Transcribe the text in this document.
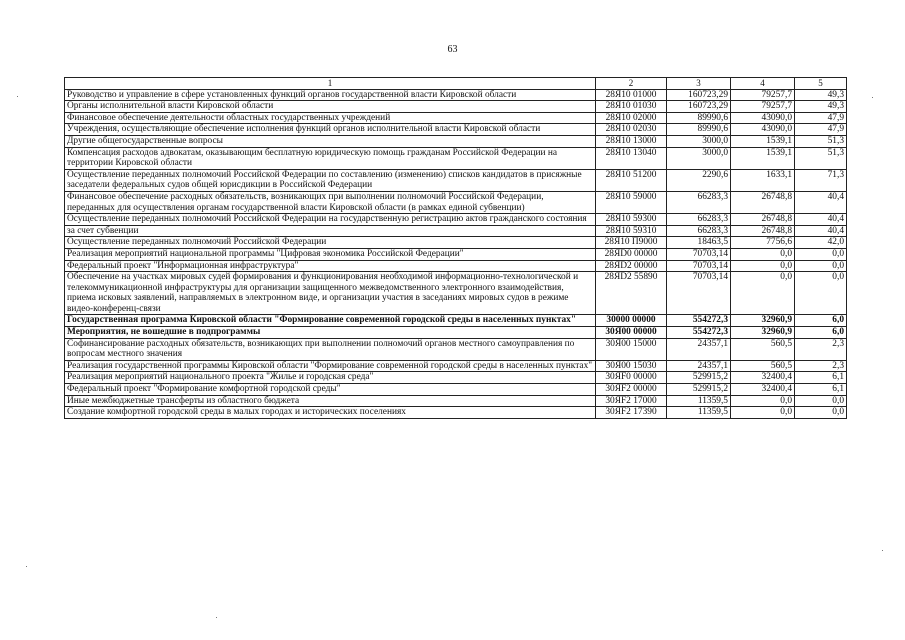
63
1	2	3	4	5
Руководство и управление в сфере установленных функций органов государственной власти Кировской области	28Я10 01000	160723,29	79257,7	49,3
Органы исполнительной власти Кировской области	28Я10 01030	160723,29	79257,7	49,3
Финансовое обеспечение деятельности областных государственных учреждений	28Я10 02000	89990,6	43090,0	47,9
Учреждения, осуществляющие обеспечение исполнения функций органов исполнительной власти Кировской области	28Я10 02030	89990,6	43090,0	47,9
Другие общегосударственные вопросы	28Я10 13000	3000,0	1539,1	51,3
Компенсация расходов адвокатам, оказывающим бесплатную юридическую помощь гражданам Российской Федерации на территории Кировской области	28Я10 13040	3000,0	1539,1	51,3
Осуществление переданных полномочий Российской Федерации по составлению (изменению) списков кандидатов в присяжные заседатели федеральных судов общей юрисдикции в Российской Федерации	28Я10 51200	2290,6	1633,1	71,3
Финансовое обеспечение расходных обязательств, возникающих при выполнении полномочий Российской Федерации, переданных для осуществления органам государственной власти Кировской области (в рамках единой субвенции)	28Я10 59000	66283,3	26748,8	40,4
Осуществление переданных полномочий Российской Федерации на государственную регистрацию актов гражданского состояния	28Я10 59300	66283,3	26748,8	40,4
за счет субвенции	28Я10 59310	66283,3	26748,8	40,4
Осуществление переданных полномочий Российской Федерации	28Я10 П9000	18463,5	7756,6	42,0
Реализация мероприятий национальной программы "Цифровая экономика Российской Федерации"	28ЯD0 00000	70703,14	0,0	0,0
Федеральный проект "Информационная инфраструктура"	28ЯD2 00000	70703,14	0,0	0,0
Обеспечение на участках мировых судей формирования и функционирования необходимой информационно-технологической и телекоммуникационной инфраструктуры для организации защищенного межведомственного электронного взаимодействия, приема исковых заявлений, направляемых в электронном виде, и организации участия в заседаниях мировых судов в режиме видео-конференц-связи	28ЯD2 55890	70703,14	0,0	0,0
Государственная программа Кировской области "Формирование современной городской среды в населенных пунктах"	30000 00000	554272,3	32960,9	6,0
Мероприятия, не вошедшие в подпрограммы	30Я00 00000	554272,3	32960,9	6,0
Софинансирование расходных обязательств, возникающих при выполнении полномочий органов местного самоуправления по вопросам местного значения	30Я00 15000	24357,1	560,5	2,3
Реализация государственной программы Кировской области "Формирование современной городской среды в населенных пунктах"	30Я00 15030	24357,1	560,5	2,3
Реализация мероприятий национального проекта "Жилье и городская среда"	30ЯF0 00000	529915,2	32400,4	6,1
Федеральный проект "Формирование комфортной городской среды"	30ЯF2 00000	529915,2	32400,4	6,1
Иные межбюджетные трансферты из областного бюджета	30ЯF2 17000	11359,5	0,0	0,0
Создание комфортной городской среды в малых городах и исторических поселениях	30ЯF2 17390	11359,5	0,0	0,0
